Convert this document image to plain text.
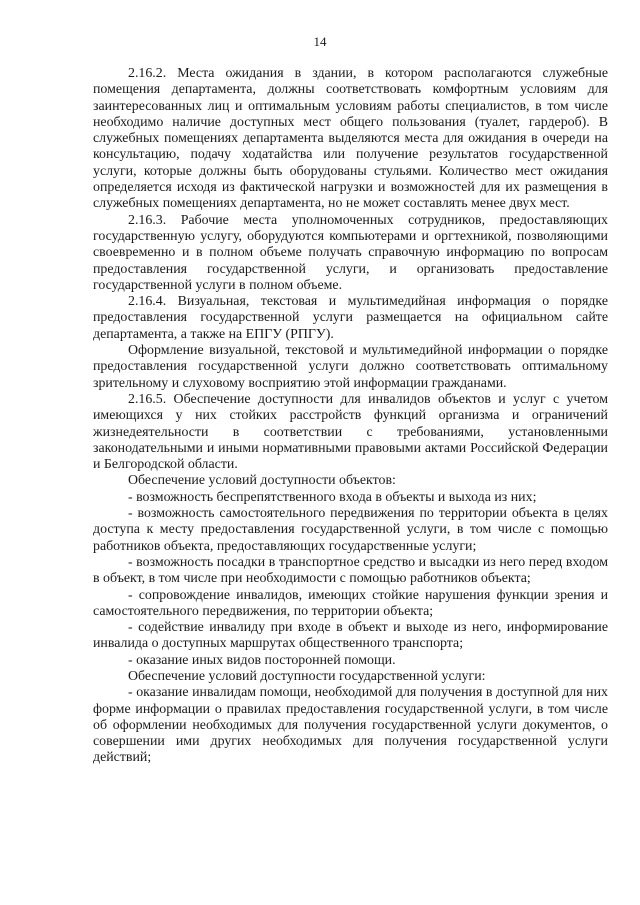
14

2.16.2. Места ожидания в здании, в котором располагаются служебные помещения департамента, должны соответствовать комфортным условиям для заинтересованных лиц и оптимальным условиям работы специалистов, в том числе необходимо наличие доступных мест общего пользования (туалет, гардероб). В служебных помещениях департамента выделяются места для ожидания в очереди на консультацию, подачу ходатайства или получение результатов государственной услуги, которые должны быть оборудованы стульями. Количество мест ожидания определяется исходя из фактической нагрузки и возможностей для их размещения в служебных помещениях департамента, но не может составлять менее двух мест.

2.16.3. Рабочие места уполномоченных сотрудников, предоставляющих государственную услугу, оборудуются компьютерами и оргтехникой, позволяющими своевременно и в полном объеме получать справочную информацию по вопросам предоставления государственной услуги, и организовать предоставление государственной услуги в полном объеме.

2.16.4. Визуальная, текстовая и мультимедийная информация о порядке предоставления государственной услуги размещается на официальном сайте департамента, а также на ЕПГУ (РПГУ).

Оформление визуальной, текстовой и мультимедийной информации о порядке предоставления государственной услуги должно соответствовать оптимальному зрительному и слуховому восприятию этой информации гражданами.

2.16.5. Обеспечение доступности для инвалидов объектов и услуг с учетом имеющихся у них стойких расстройств функций организма и ограничений жизнедеятельности в соответствии с требованиями, установленными законодательными и иными нормативными правовыми актами Российской Федерации и Белгородской области.

Обеспечение условий доступности объектов:

- возможность беспрепятственного входа в объекты и выхода из них;

- возможность самостоятельного передвижения по территории объекта в целях доступа к месту предоставления государственной услуги, в том числе с помощью работников объекта, предоставляющих государственные услуги;

- возможность посадки в транспортное средство и высадки из него перед входом в объект, в том числе при необходимости с помощью работников объекта;

- сопровождение инвалидов, имеющих стойкие нарушения функции зрения и самостоятельного передвижения, по территории объекта;

- содействие инвалиду при входе в объект и выходе из него, информирование инвалида о доступных маршрутах общественного транспорта;

- оказание иных видов посторонней помощи.

Обеспечение условий доступности государственной услуги:

- оказание инвалидам помощи, необходимой для получения в доступной для них форме информации о правилах предоставления государственной услуги, в том числе об оформлении необходимых для получения государственной услуги документов, о совершении ими других необходимых для получения государственной услуги действий;
